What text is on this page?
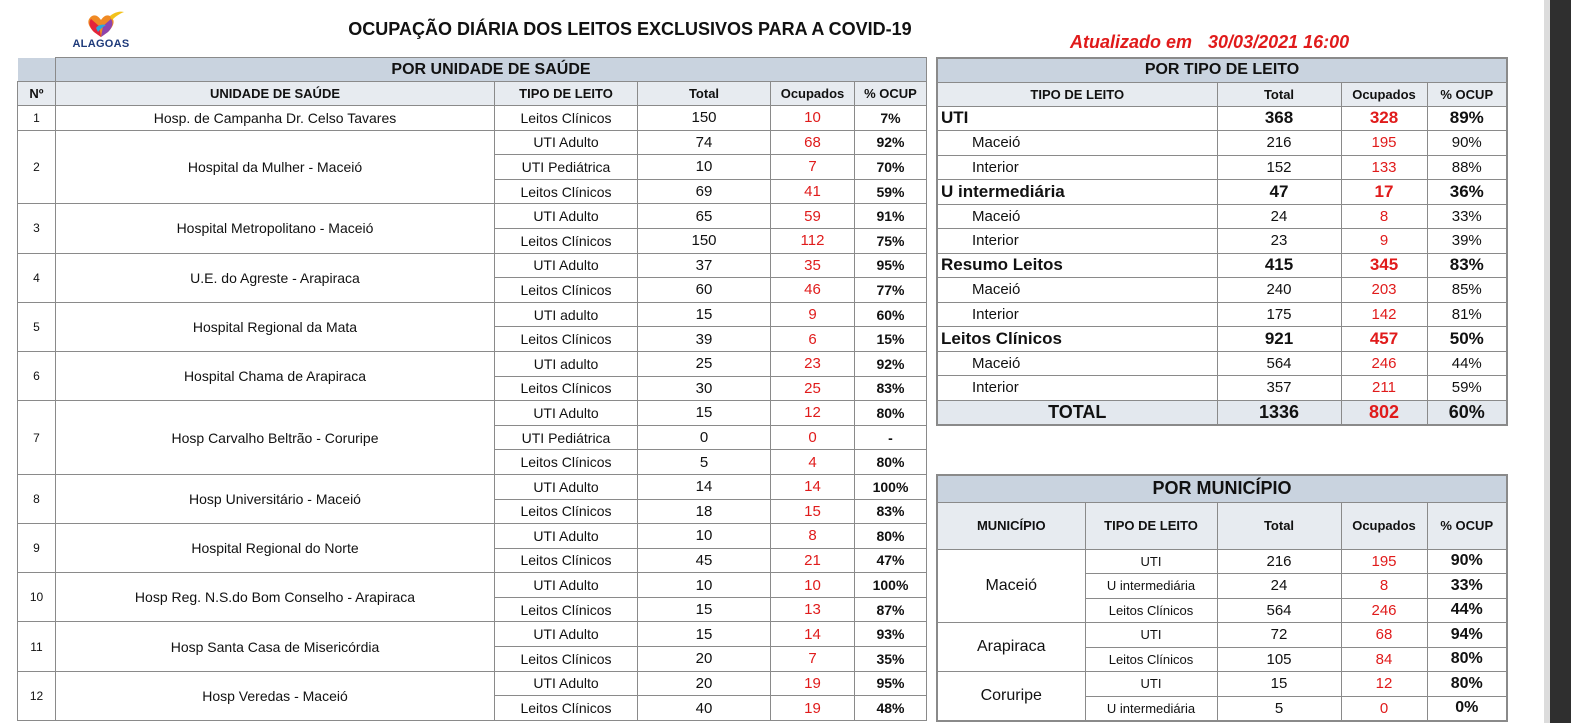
ALAGOAS
OCUPAÇÃO DIÁRIA DOS LEITOS EXCLUSIVOS PARA A COVID-19
Atualizado em 30/03/2021 16:00
	POR UNIDADE DE SAÚDE				
Nº	UNIDADE DE SAÚDE	TIPO DE LEITO	Total	Ocupados	% OCUP
1	Hosp. de Campanha Dr. Celso Tavares	Leitos Clínicos	150	10	7%
2	Hospital da Mulher - Maceió	UTI Adulto	74	68	92%
		UTI Pediátrica	10	7	70%
		Leitos Clínicos	69	41	59%
3	Hospital Metropolitano - Maceió	UTI Adulto	65	59	91%
		Leitos Clínicos	150	112	75%
4	U.E. do Agreste - Arapiraca	UTI Adulto	37	35	95%
		Leitos Clínicos	60	46	77%
5	Hospital Regional da Mata	UTI adulto	15	9	60%
		Leitos Clínicos	39	6	15%
6	Hospital Chama de Arapiraca	UTI adulto	25	23	92%
		Leitos Clínicos	30	25	83%
7	Hosp Carvalho Beltrão - Coruripe	UTI Adulto	15	12	80%
		UTI Pediátrica	0	0	-
		Leitos Clínicos	5	4	80%
8	Hosp Universitário - Maceió	UTI Adulto	14	14	100%
		Leitos Clínicos	18	15	83%
9	Hospital Regional do Norte	UTI Adulto	10	8	80%
		Leitos Clínicos	45	21	47%
10	Hosp Reg. N.S.do Bom Conselho - Arapiraca	UTI Adulto	10	10	100%
		Leitos Clínicos	15	13	87%
11	Hosp Santa Casa de Misericórdia	UTI Adulto	15	14	93%
		Leitos Clínicos	20	7	35%
12	Hosp Veredas - Maceió	UTI Adulto	20	19	95%
		Leitos Clínicos	40	19	48%
POR TIPO DE LEITO			
TIPO DE LEITO	Total	Ocupados	% OCUP
UTI	368	328	89%
Maceió	216	195	90%
Interior	152	133	88%
U intermediária	47	17	36%
Maceió	24	8	33%
Interior	23	9	39%
Resumo Leitos	415	345	83%
Maceió	240	203	85%
Interior	175	142	81%
Leitos Clínicos	921	457	50%
Maceió	564	246	44%
Interior	357	211	59%
TOTAL	1336	802	60%
POR MUNICÍPIO				
MUNICÍPIO	TIPO DE LEITO	Total	Ocupados	% OCUP
Maceió	UTI	216	195	90%
	U intermediária	24	8	33%
	Leitos Clínicos	564	246	44%
Arapiraca	UTI	72	68	94%
	Leitos Clínicos	105	84	80%
Coruripe	UTI	15	12	80%
	U intermediária	5	0	0%
